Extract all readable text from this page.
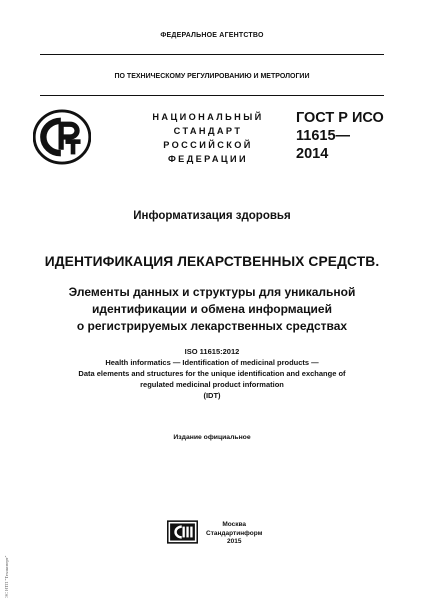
ФЕДЕРАЛЬНОЕ АГЕНТСТВО
ПО ТЕХНИЧЕСКОМУ РЕГУЛИРОВАНИЮ И МЕТРОЛОГИИ
НАЦИОНАЛЬНЫЙ
СТАНДАРТ
РОССИЙСКОЙ
ФЕДЕРАЦИИ
ГОСТ Р ИСО
11615—
2014
Информатизация здоровья
ИДЕНТИФИКАЦИЯ ЛЕКАРСТВЕННЫХ СРЕДСТВ.
Элементы данных и структуры для уникальной
идентификации и обмена информацией
о регистрируемых лекарственных средствах
ISO 11615:2012
Health informatics — Identification of medicinal products —
Data elements and structures for the unique identification and exchange of
regulated medicinal product information
(IDT)
Издание официальное
Москва
Стандартинформ
2015
ЭС НТП "Техэксперт"
